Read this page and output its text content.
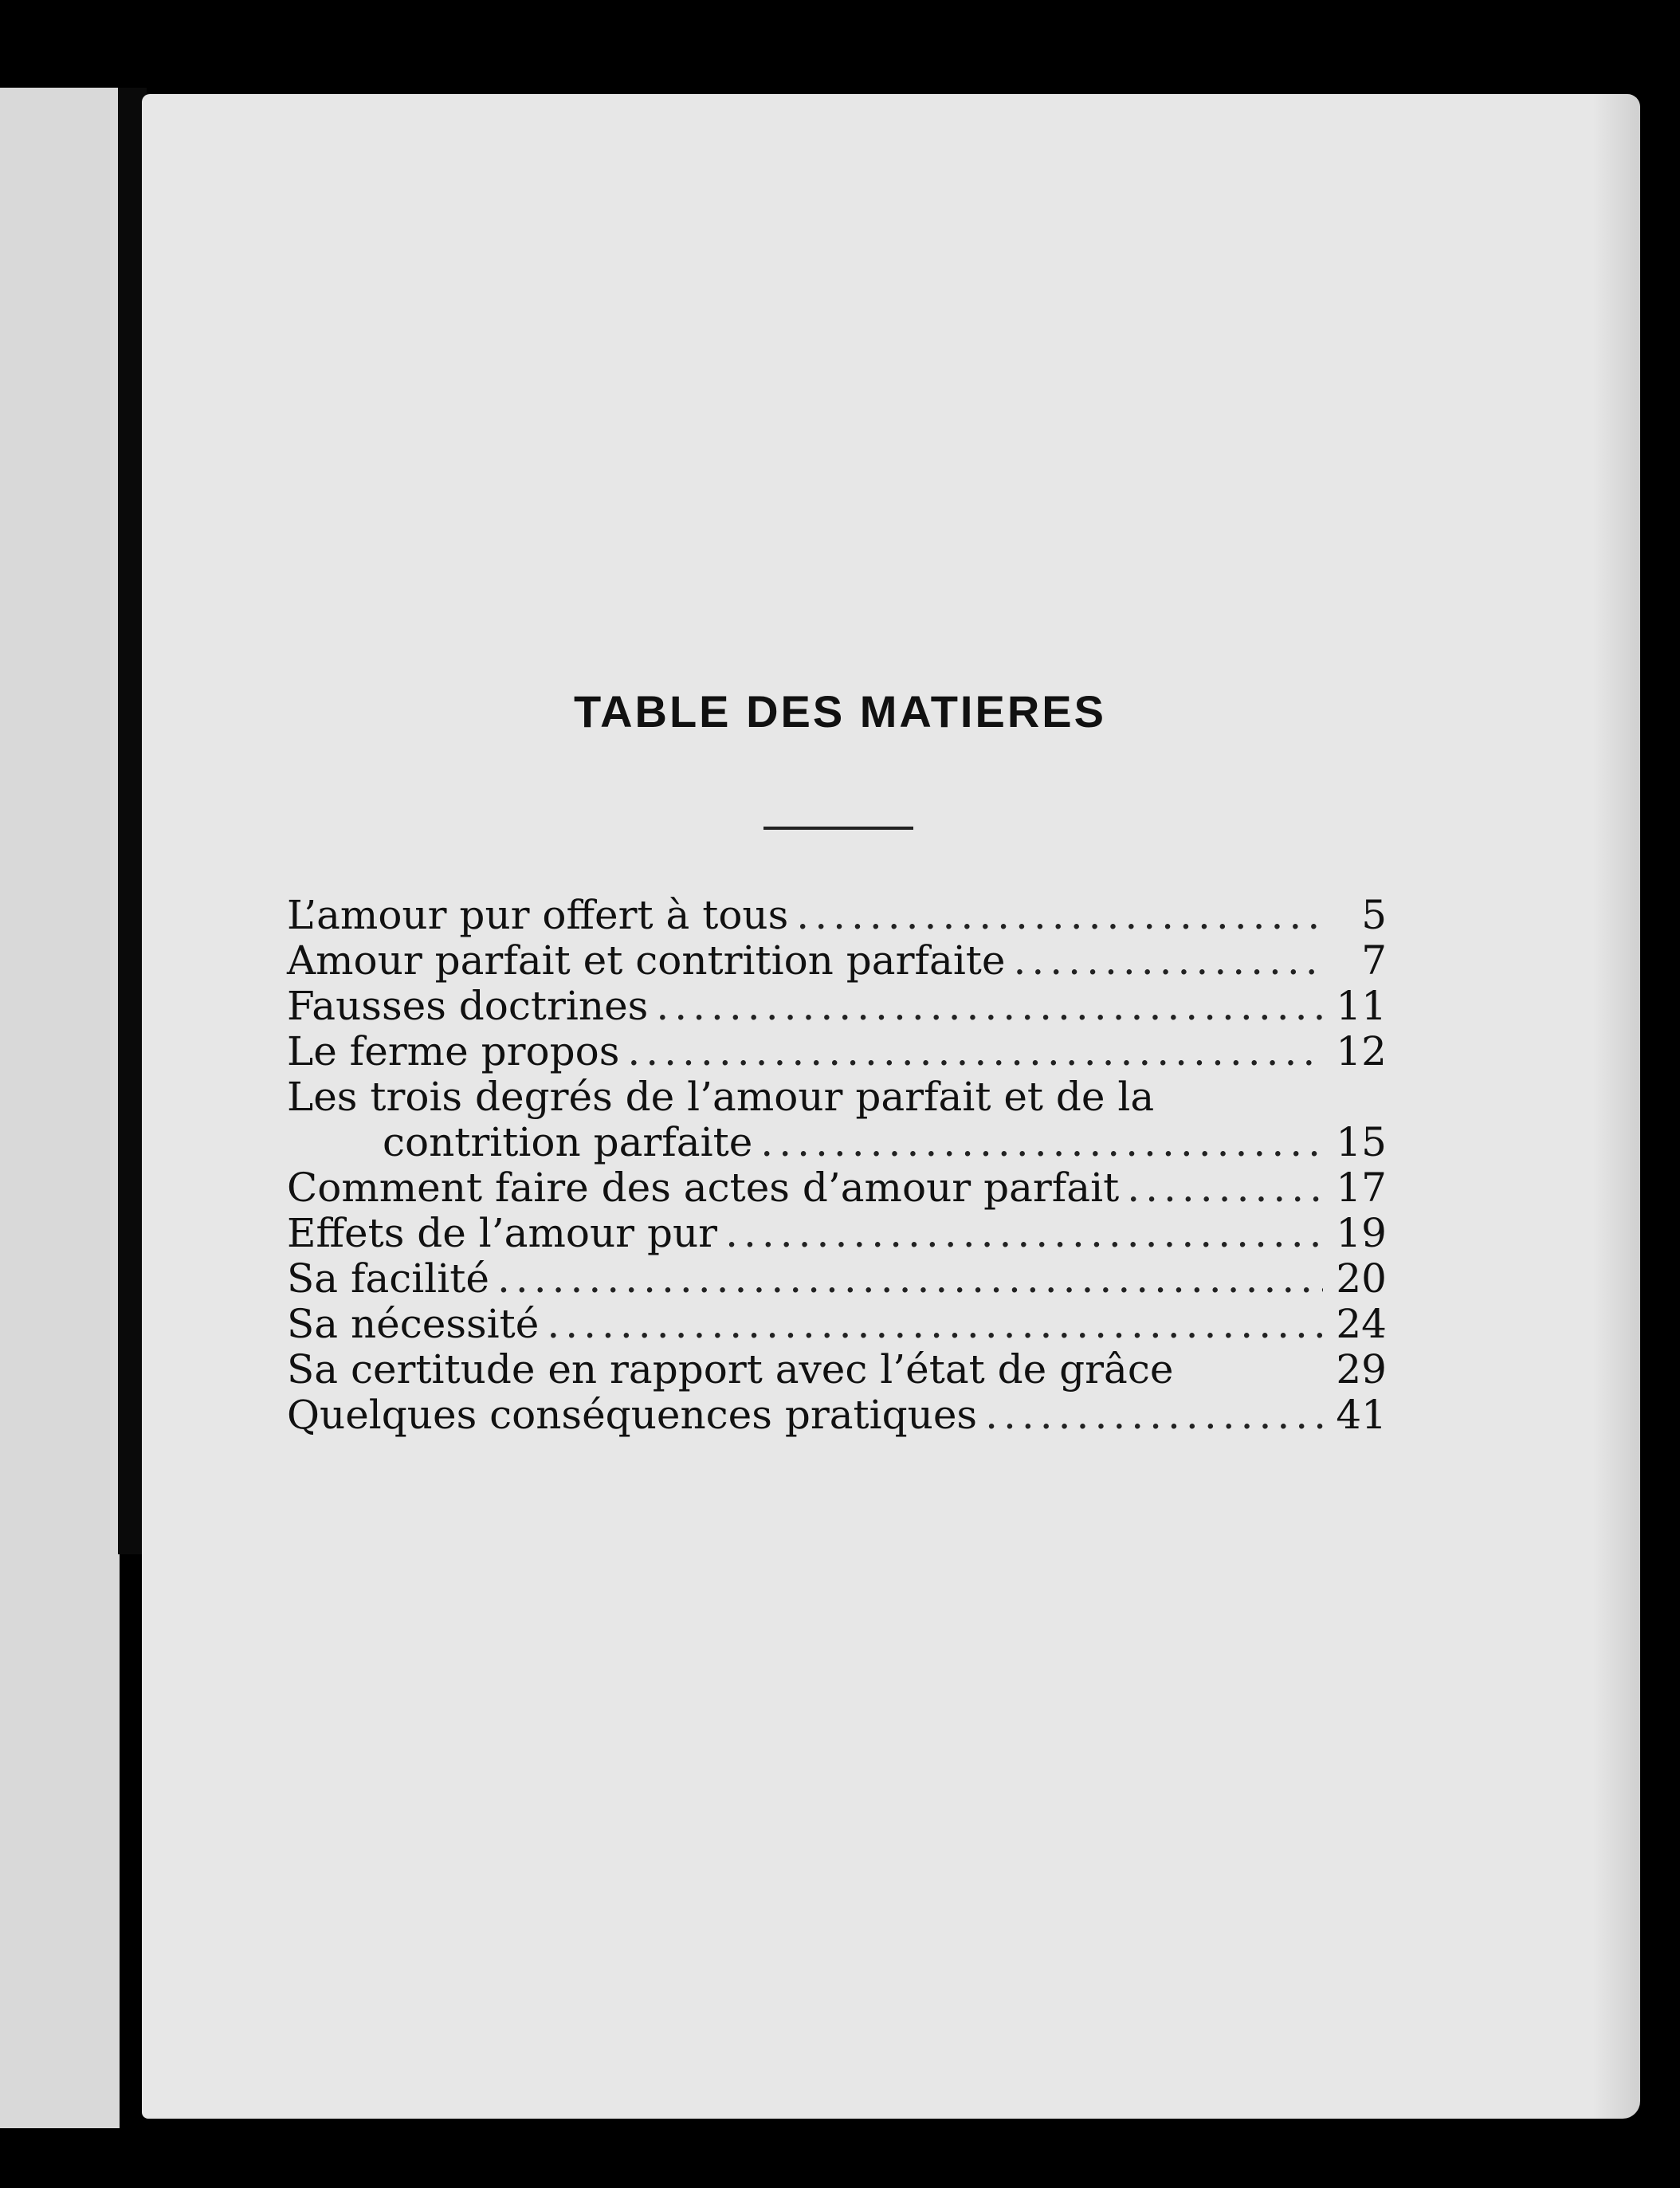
TABLE DES MATIERES
L’amour pur offert à tous .....	5
Amour parfait et contrition parfaite .....	7
Fausses doctrines .....	11
Le ferme propos .....	12
Les trois degrés de l’amour parfait et de la
contrition parfaite .....	15
Comment faire des actes d’amour parfait .....	17
Effets de l’amour pur .....	19
Sa facilité .....	20
Sa nécessité .....	24
Sa certitude en rapport avec l’état de grâce	29
Quelques conséquences pratiques .....	41
